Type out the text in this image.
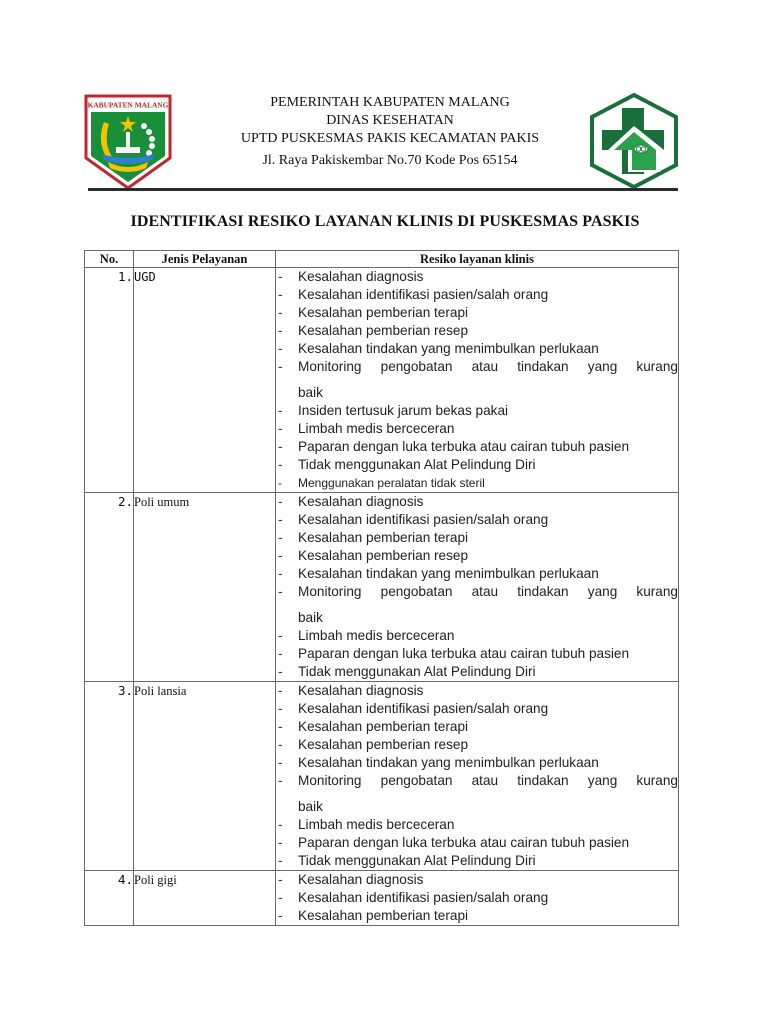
KABUPATEN MALANG	PEMERINTAH KABUPATEN MALANG
DINAS KESEHATAN
UPTD PUSKESMAS PAKIS KECAMATAN PAKIS
Jl. Raya Pakiskembar No.70 Kode Pos 65154
IDENTIFIKASI RESIKO LAYANAN KLINIS DI PUSKESMAS PASKIS
No.	Jenis Pelayanan	Resiko layanan klinis
1.	UGD	
-Kesalahan diagnosis
- Kesalahan identifikasi pasien/salah orang
- Kesalahan pemberian terapi
- Kesalahan pemberian resep
- Kesalahan tindakan yang menimbulkan perlukaan
- Monitoring pengobatan atau tindakan yang kurang
baik
- Insiden tertusuk jarum bekas pakai
- Limbah medis berceceran
- Paparan dengan luka terbuka atau cairan tubuh pasien
- Tidak menggunakan Alat Pelindung Diri
- Menggunakan peralatan tidak steril

2.	Poli umum	
-Kesalahan diagnosis
- Kesalahan identifikasi pasien/salah orang
- Kesalahan pemberian terapi
- Kesalahan pemberian resep
- Kesalahan tindakan yang menimbulkan perlukaan
- Monitoring pengobatan atau tindakan yang kurang
baik
- Limbah medis berceceran
- Paparan dengan luka terbuka atau cairan tubuh pasien
- Tidak menggunakan Alat Pelindung Diri

3.	Poli lansia	
-Kesalahan diagnosis
- Kesalahan identifikasi pasien/salah orang
- Kesalahan pemberian terapi
- Kesalahan pemberian resep
- Kesalahan tindakan yang menimbulkan perlukaan
- Monitoring pengobatan atau tindakan yang kurang
baik
- Limbah medis berceceran
- Paparan dengan luka terbuka atau cairan tubuh pasien
- Tidak menggunakan Alat Pelindung Diri

4.	Poli gigi	
-Kesalahan diagnosis
- Kesalahan identifikasi pasien/salah orang
- Kesalahan pemberian terapi
